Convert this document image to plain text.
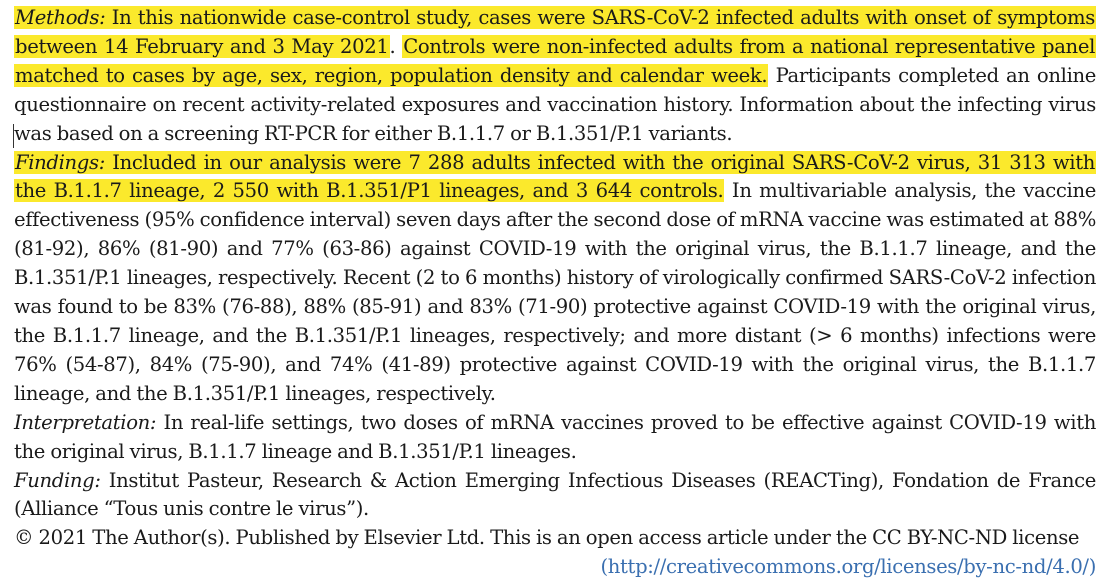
Methods: In this nationwide case-control study, cases were SARS-CoV-2 infected adults with onset of symptoms between 14 February and 3 May 2021. Controls were non-infected adults from a national representative panel matched to cases by age, sex, region, population density and calendar week. Participants completed an online questionnaire on recent activity-related exposures and vaccination history. Information about the infecting virus was based on a screening RT-PCR for either B.1.1.7 or B.1.351/P.1 variants.

Findings: Included in our analysis were 7 288 adults infected with the original SARS-CoV-2 virus, 31 313 with the B.1.1.7 lineage, 2 550 with B.1.351/P1 lineages, and 3 644 controls. In multivariable analysis, the vaccine effectiveness (95% confidence interval) seven days after the second dose of mRNA vaccine was estimated at 88% (81-92), 86% (81-90) and 77% (63-86) against COVID-19 with the original virus, the B.1.1.7 lineage, and the B.1.351/P.1 lineages, respectively. Recent (2 to 6 months) history of virologically confirmed SARS-CoV-2 infection was found to be 83% (76-88), 88% (85-91) and 83% (71-90) protective against COVID-19 with the original virus, the B.1.1.7 lineage, and the B.1.351/P.1 lineages, respectively; and more distant (> 6 months) infections were 76% (54-87), 84% (75-90), and 74% (41-89) protective against COVID-19 with the original virus, the B.1.1.7 lineage, and the B.1.351/P.1 lineages, respectively.

Interpretation: In real-life settings, two doses of mRNA vaccines proved to be effective against COVID-19 with the original virus, B.1.1.7 lineage and B.1.351/P.1 lineages.

Funding: Institut Pasteur, Research & Action Emerging Infectious Diseases (REACTing), Fondation de France (Alliance “Tous unis contre le virus”).

© 2021 The Author(s). Published by Elsevier Ltd. This is an open access article under the CC BY-NC-ND license

(http://creativecommons.org/licenses/by-nc-nd/4.0/)
